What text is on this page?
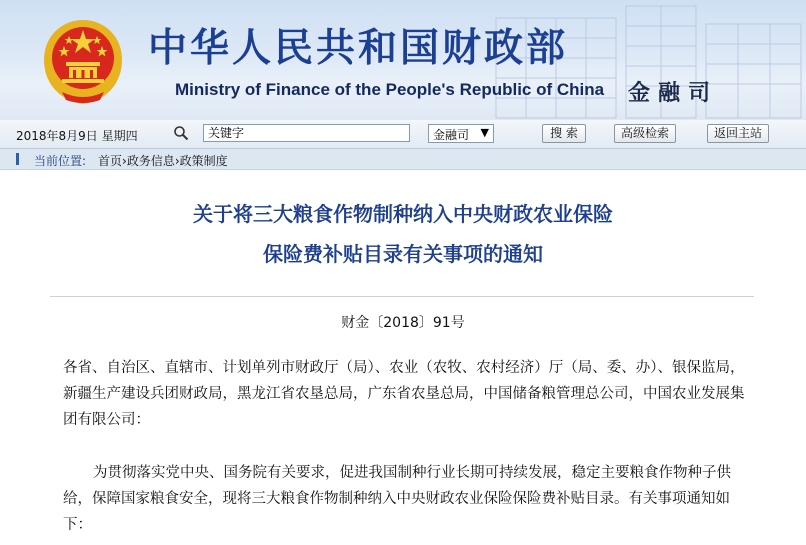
中华人民共和国财政部
Ministry of Finance of the People's Republic of China 金融司
2018年8月9日 星期四	关键字	金融司 ▼	搜 索	高级检索	返回主站
当前位置: 首页›政务信息›政策制度
关于将三大粮食作物制种纳入中央财政农业保险
保险费补贴目录有关事项的通知
财金〔2018〕91号
各省、自治区、直辖市、计划单列市财政厅（局）、农业（农牧、农村经济）厅（局、委、办）、银保监局，新疆生产建设兵团财政局，黑龙江省农垦总局，广东省农垦总局，中国储备粮管理总公司，中国农业发展集团有限公司：
为贯彻落实党中央、国务院有关要求，促进我国制种行业长期可持续发展，稳定主要粮食作物种子供给，保障国家粮食安全，现将三大粮食作物制种纳入中央财政农业保险保险费补贴目录。有关事项通知如下：
